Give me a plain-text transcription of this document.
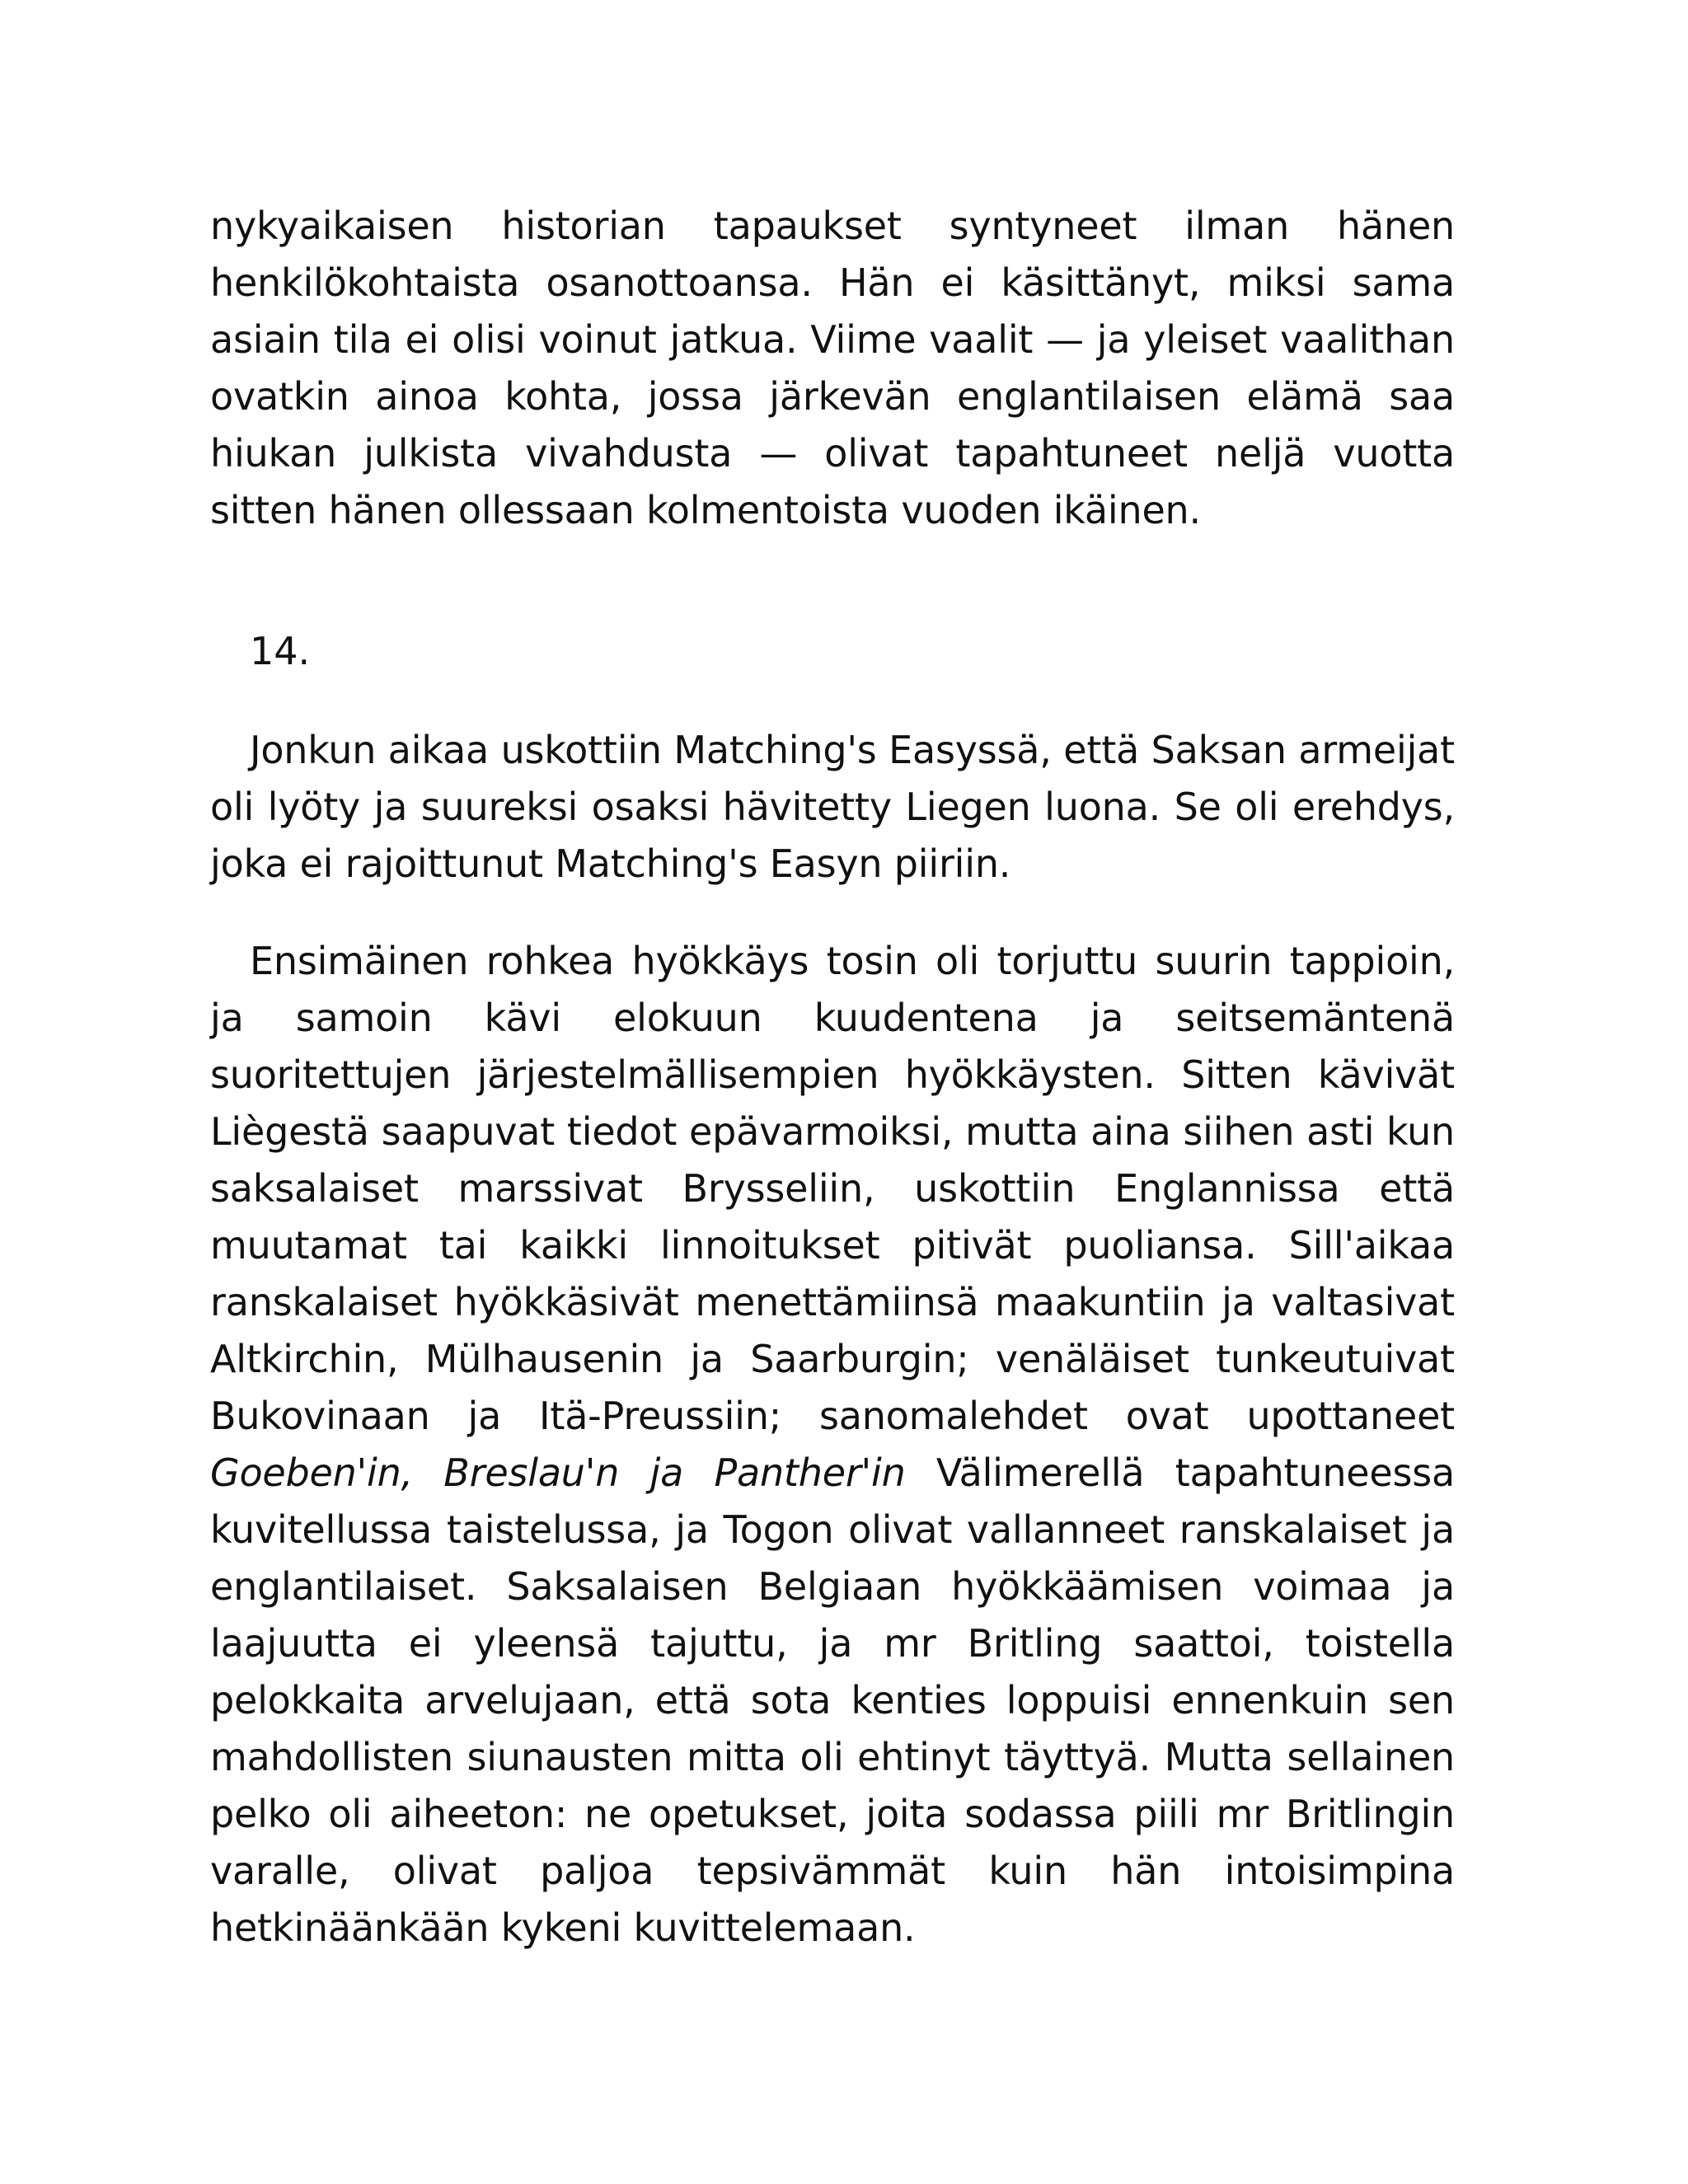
nykyaikaisen historian tapaukset syntyneet ilman hänen henkilökohtaista osanottoansa. Hän ei käsittänyt, miksi sama asiain tila ei olisi voinut jatkua. Viime vaalit — ja yleiset vaalithan ovatkin ainoa kohta, jossa järkevän englantilaisen elämä saa hiukan julkista vivahdusta — olivat tapahtuneet neljä vuotta sitten hänen ollessaan kolmentoista vuoden ikäinen.

14.

Jonkun aikaa uskottiin Matching's Easyssä, että Saksan armeijat oli lyöty ja suureksi osaksi hävitetty Liegen luona. Se oli erehdys, joka ei rajoittunut Matching's Easyn piiriin.

Ensimäinen rohkea hyökkäys tosin oli torjuttu suurin tappioin, ja samoin kävi elokuun kuudentena ja seitsemäntenä suoritettujen järjestelmällisempien hyökkäysten. Sitten kävivät Liègestä saapuvat tiedot epävarmoiksi, mutta aina siihen asti kun saksalaiset marssivat Brysseliin, uskottiin Englannissa että muutamat tai kaikki linnoitukset pitivät puoliansa. Sill'aikaa ranskalaiset hyökkäsivät menettämiinsä maakuntiin ja valtasivat Altkirchin, Mülhausenin ja Saarburgin; venäläiset tunkeutuivat Bukovinaan ja Itä-Preussiin; sanomalehdet ovat upottaneet Goeben'in, Breslau'n ja Panther'in Välimerellä tapahtuneessa kuvitellussa taistelussa, ja Togon olivat vallanneet ranskalaiset ja englantilaiset. Saksalaisen Belgiaan hyökkäämisen voimaa ja laajuutta ei yleensä tajuttu, ja mr Britling saattoi, toistella pelokkaita arvelujaan, että sota kenties loppuisi ennenkuin sen mahdollisten siunausten mitta oli ehtinyt täyttyä. Mutta sellainen pelko oli aiheeton: ne opetukset, joita sodassa piili mr Britlingin varalle, olivat paljoa tepsivämmät kuin hän intoisimpina hetkinäänkään kykeni kuvittelemaan.
